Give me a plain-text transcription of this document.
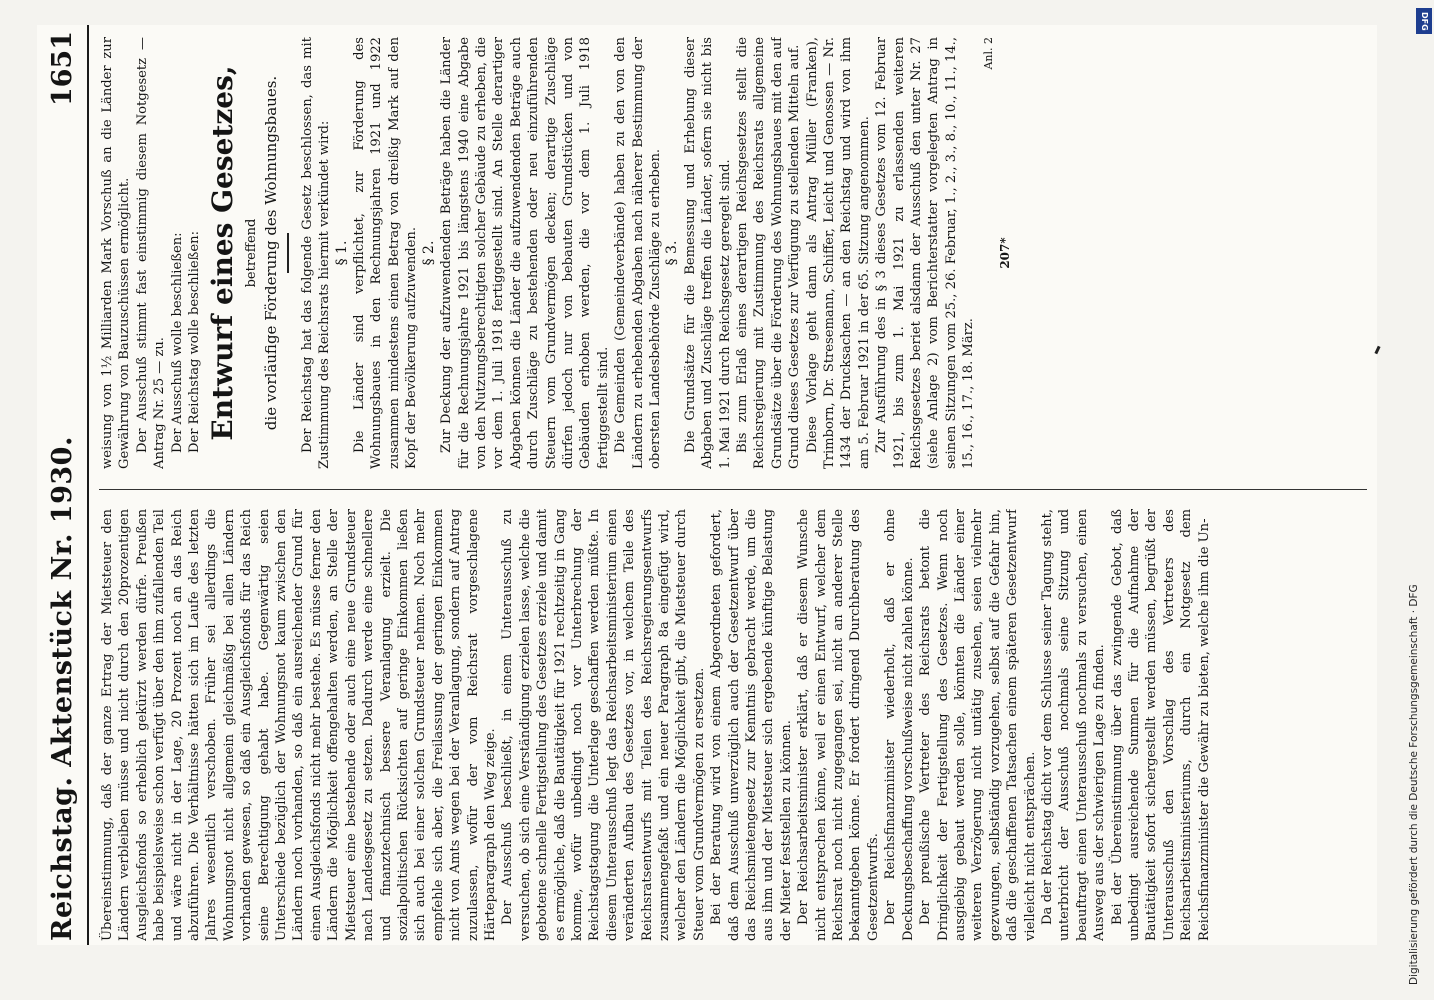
Reichstag. Aktenstück Nr. 1930.
1651

Übereinstimmung, daß der ganze Ertrag der Mietsteuer den Ländern verbleiben müsse und nicht durch den 20prozentigen Ausgleichsfonds so erheblich gekürzt werden dürfe. Preußen habe beispielsweise schon verfügt über den ihm zufallenden Teil und wäre nicht in der Lage, 20 Prozent noch an das Reich abzuführen. Die Verhältnisse hätten sich im Laufe des letzten Jahres wesentlich verschoben. Früher sei allerdings die Wohnungsnot nicht allgemein gleichmäßig bei allen Ländern vorhanden gewesen, so daß ein Ausgleichsfonds für das Reich seine Berechtigung gehabt habe. Gegenwärtig seien Unterschiede bezüglich der Wohnungsnot kaum zwischen den Ländern noch vorhanden, so daß ein ausreichender Grund für einen Ausgleichsfonds nicht mehr bestehe. Es müsse ferner den Ländern die Möglichkeit offengehalten werden, an Stelle der Mietsteuer eine bestehende oder auch eine neue Grundsteuer nach Landesgesetz zu setzen. Dadurch werde eine schnellere und finanztechnisch bessere Veranlagung erzielt. Die sozialpolitischen Rücksichten auf geringe Einkommen ließen sich auch bei einer solchen Grundsteuer nehmen. Noch mehr empfehle sich aber, die Freilassung der geringen Einkommen nicht von Amts wegen bei der Veranlagung, sondern auf Antrag zuzulassen, wofür der vom Reichsrat vorgeschlagene Härteparagraph den Weg zeige. Der Ausschuß beschließt, in einem Unterausschuß zu versuchen, ob sich eine Verständigung erzielen lasse, welche die gebotene schnelle Fertigstellung des Gesetzes erziele und damit es ermögliche, daß die Bautätigkeit für 1921 rechtzeitig in Gang komme, wofür unbedingt noch vor Unterbrechung der Reichstagstagung die Unterlage geschaffen werden müßte. In diesem Unterausschuß legt das Reichsarbeitsministerium einen veränderten Aufbau des Gesetzes vor, in welchem Teile des Reichsratsentwurfs mit Teilen des Reichsregierungsentwurfs zusammengefaßt und ein neuer Paragraph 8a eingefügt wird, welcher den Ländern die Möglichkeit gibt, die Mietsteuer durch Steuer vom Grundvermögen zu ersetzen. Bei der Beratung wird von einem Abgeordneten gefordert, daß dem Ausschuß unverzüglich auch der Gesetzentwurf über das Reichsmietengesetz zur Kenntnis gebracht werde, um die aus ihm und der Mietsteuer sich ergebende künftige Belastung der Mieter feststellen zu können. Der Reichsarbeitsminister erklärt, daß er diesem Wunsche nicht entsprechen könne, weil er einen Entwurf, welcher dem Reichsrat noch nicht zugegangen sei, nicht an anderer Stelle bekanntgeben könne. Er fordert dringend Durchberatung des Gesetzentwurfs. Der Reichsfinanzminister wiederholt, daß er ohne Deckungsbeschaffung vorschußweise nicht zahlen könne. Der preußische Vertreter des Reichsrats betont die Dringlichkeit der Fertigstellung des Gesetzes. Wenn noch ausgiebig gebaut werden solle, könnten die Länder einer weiteren Verzögerung nicht untätig zusehen, seien vielmehr gezwungen, selbständig vorzugehen, selbst auf die Gefahr hin, daß die geschaffenen Tatsachen einem späteren Gesetzentwurf vielleicht nicht entsprächen. Da der Reichstag dicht vor dem Schlusse seiner Tagung steht, unterbricht der Ausschuß nochmals seine Sitzung und beauftragt einen Unterausschuß nochmals zu versuchen, einen Ausweg aus der schwierigen Lage zu finden. Bei der Übereinstimmung über das zwingende Gebot, daß unbedingt ausreichende Summen für die Aufnahme der Bautätigkeit sofort sichergestellt werden müssen, begrüßt der Unterausschuß den Vorschlag des Vertreters des Reichsarbeitsministeriums, durch ein Notgesetz dem Reichsfinanzminister die Gewähr zu bieten, welche ihm die Un-

weisung von 1½ Milliarden Mark Vorschuß an die Länder zur Gewährung von Bauzuschüssen ermöglicht. Der Ausschuß stimmt fast einstimmig diesem Notgesetz — Antrag Nr. 25 — zu. Der Ausschuß wolle beschließen: Der Reichstag wolle beschließen: Entwurf eines Gesetzes, betreffend die vorläufige Förderung des Wohnungsbaues. Der Reichstag hat das folgende Gesetz beschlossen, das mit Zustimmung des Reichsrats hiermit verkündet wird: § 1. Die Länder sind verpflichtet, zur Förderung des Wohnungsbaues in den Rechnungsjahren 1921 und 1922 zusammen mindestens einen Betrag von dreißig Mark auf den Kopf der Bevölkerung aufzuwenden. § 2. Zur Deckung der aufzuwendenden Beträge haben die Länder für die Rechnungsjahre 1921 bis längstens 1940 eine Abgabe von den Nutzungsberechtigten solcher Gebäude zu erheben, die vor dem 1. Juli 1918 fertiggestellt sind. An Stelle derartiger Abgaben können die Länder die aufzuwendenden Beträge auch durch Zuschläge zu bestehenden oder neu einzuführenden Steuern vom Grundvermögen decken; derartige Zuschläge dürfen jedoch nur von bebauten Grundstücken und von Gebäuden erhoben werden, die vor dem 1. Juli 1918 fertiggestellt sind. Die Gemeinden (Gemeindeverbände) haben zu den von den Ländern zu erhebenden Abgaben nach näherer Bestimmung der obersten Landesbehörde Zuschläge zu erheben. § 3. Die Grundsätze für die Bemessung und Erhebung dieser Abgaben und Zuschläge treffen die Länder, sofern sie nicht bis 1. Mai 1921 durch Reichsgesetz geregelt sind. Bis zum Erlaß eines derartigen Reichsgesetzes stellt die Reichsregierung mit Zustimmung des Reichsrats allgemeine Grundsätze über die Förderung des Wohnungsbaues mit den auf Grund dieses Gesetzes zur Verfügung zu stellenden Mitteln auf. Diese Vorlage geht dann als Antrag Müller (Franken), Trimborn, Dr. Stresemann, Schiffer, Leicht und Genossen — Nr. 1434 der Drucksachen — an den Reichstag und wird von ihm am 5. Februar 1921 in der 65. Sitzung angenommen. Zur Ausführung des in § 3 dieses Gesetzes vom 12. Februar 1921, bis zum 1. Mai 1921 zu erlassenden weiteren Reichsgesetzes beriet alsdann der Ausschuß den unter Nr. 27 (siehe Anlage 2) vom Berichterstatter vorgelegten Antrag in seinen Sitzungen vom 25., 26. Februar, 1., 2., 3., 8., 10., 11., 14., 15., 16., 17., 18. März.

Anl. 2

207*

Digitalisierung gefördert durch die Deutsche Forschungsgemeinschaft · DFG
DFG
